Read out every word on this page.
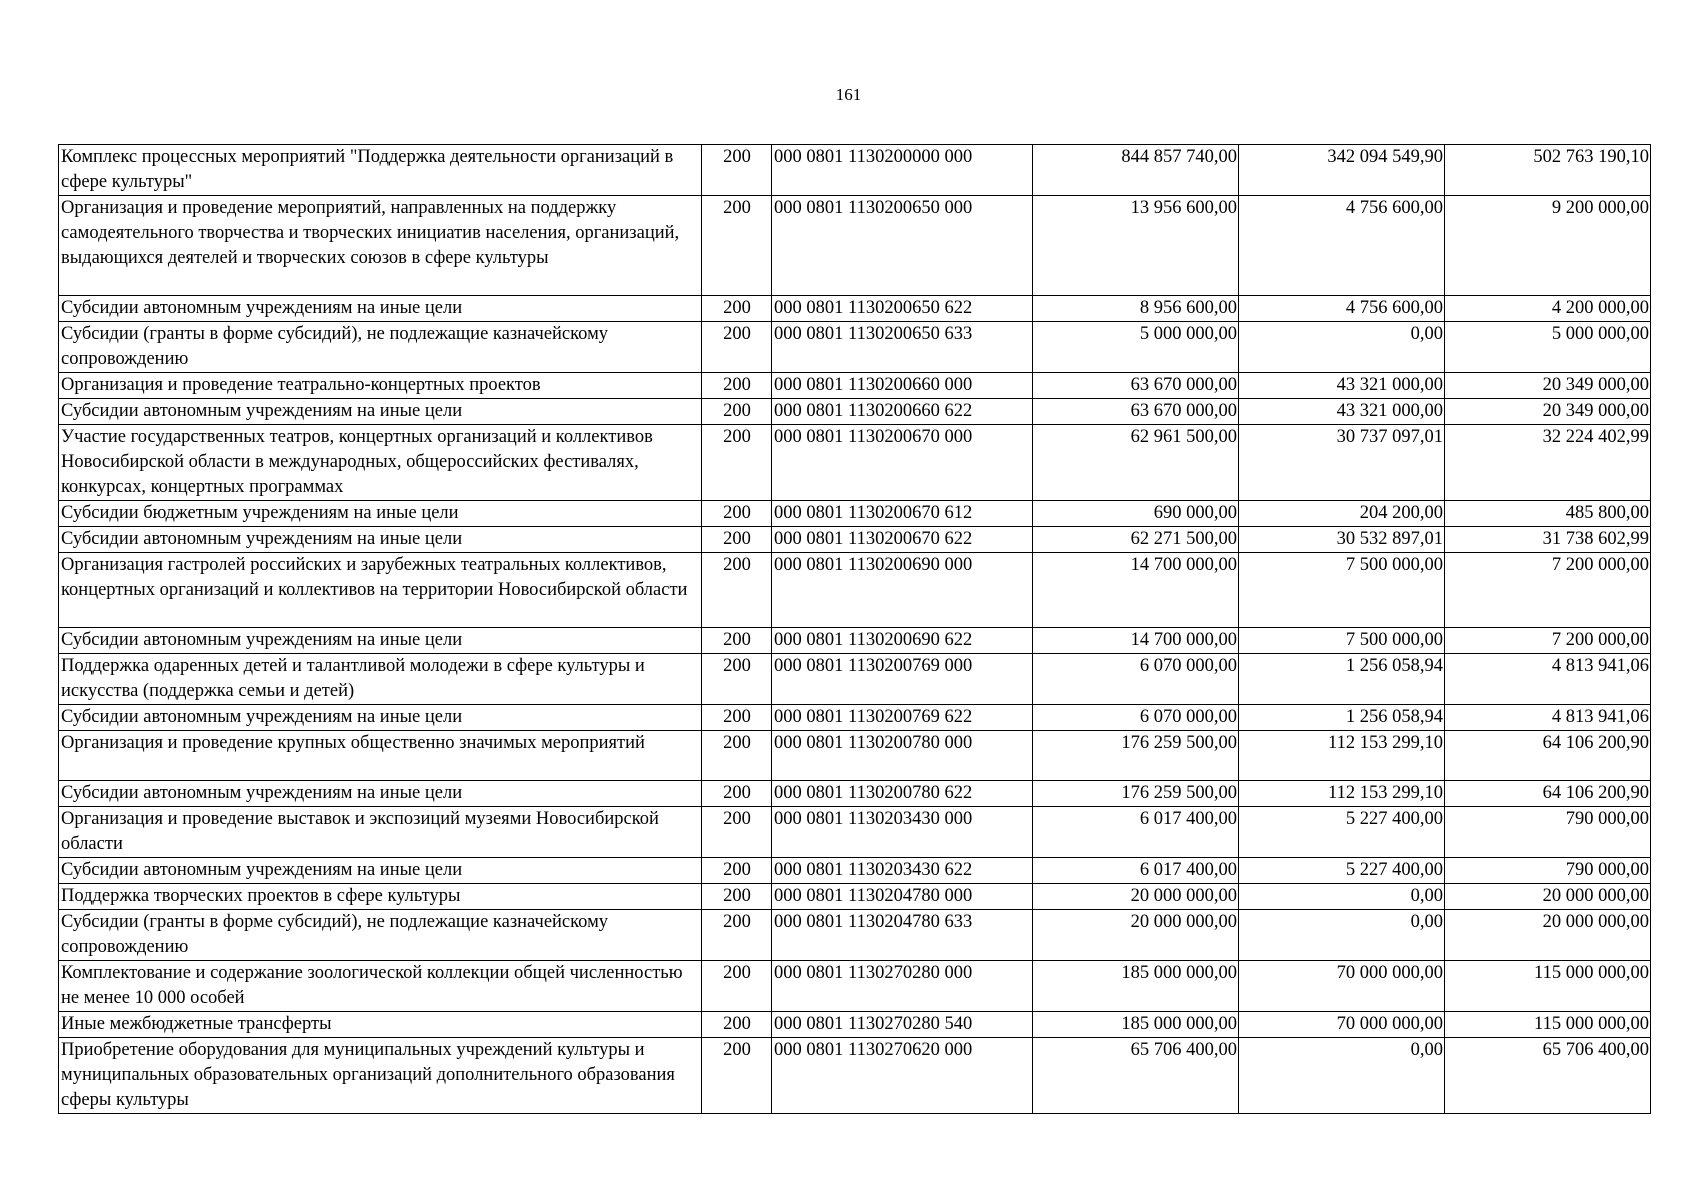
161
Комплекс процессных мероприятий "Поддержка деятельности организаций в сфере культуры"	200	000 0801 1130200000 000	844 857 740,00	342 094 549,90	502 763 190,10
Организация и проведение мероприятий, направленных на поддержку самодеятельного творчества и творческих инициатив населения, организаций, выдающихся деятелей и творческих союзов в сфере культуры	200	000 0801 1130200650 000	13 956 600,00	4 756 600,00	9 200 000,00
Субсидии автономным учреждениям на иные цели	200	000 0801 1130200650 622	8 956 600,00	4 756 600,00	4 200 000,00
Субсидии (гранты в форме субсидий), не подлежащие казначейскому сопровождению	200	000 0801 1130200650 633	5 000 000,00	0,00	5 000 000,00
Организация и проведение театрально-концертных проектов	200	000 0801 1130200660 000	63 670 000,00	43 321 000,00	20 349 000,00
Субсидии автономным учреждениям на иные цели	200	000 0801 1130200660 622	63 670 000,00	43 321 000,00	20 349 000,00
Участие государственных театров, концертных организаций и коллективов Новосибирской области в международных, общероссийских фестивалях, конкурсах, концертных программах	200	000 0801 1130200670 000	62 961 500,00	30 737 097,01	32 224 402,99
Субсидии бюджетным учреждениям на иные цели	200	000 0801 1130200670 612	690 000,00	204 200,00	485 800,00
Субсидии автономным учреждениям на иные цели	200	000 0801 1130200670 622	62 271 500,00	30 532 897,01	31 738 602,99
Организация гастролей российских и зарубежных театральных коллективов, концертных организаций и коллективов на территории Новосибирской области	200	000 0801 1130200690 000	14 700 000,00	7 500 000,00	7 200 000,00
Субсидии автономным учреждениям на иные цели	200	000 0801 1130200690 622	14 700 000,00	7 500 000,00	7 200 000,00
Поддержка одаренных детей и талантливой молодежи в сфере культуры и искусства (поддержка семьи и детей)	200	000 0801 1130200769 000	6 070 000,00	1 256 058,94	4 813 941,06
Субсидии автономным учреждениям на иные цели	200	000 0801 1130200769 622	6 070 000,00	1 256 058,94	4 813 941,06
Организация и проведение крупных общественно значимых мероприятий	200	000 0801 1130200780 000	176 259 500,00	112 153 299,10	64 106 200,90
Субсидии автономным учреждениям на иные цели	200	000 0801 1130200780 622	176 259 500,00	112 153 299,10	64 106 200,90
Организация и проведение выставок и экспозиций музеями Новосибирской области	200	000 0801 1130203430 000	6 017 400,00	5 227 400,00	790 000,00
Субсидии автономным учреждениям на иные цели	200	000 0801 1130203430 622	6 017 400,00	5 227 400,00	790 000,00
Поддержка творческих проектов в сфере культуры	200	000 0801 1130204780 000	20 000 000,00	0,00	20 000 000,00
Субсидии (гранты в форме субсидий), не подлежащие казначейскому сопровождению	200	000 0801 1130204780 633	20 000 000,00	0,00	20 000 000,00
Комплектование и содержание зоологической коллекции общей численностью не менее 10 000 особей	200	000 0801 1130270280 000	185 000 000,00	70 000 000,00	115 000 000,00
Иные межбюджетные трансферты	200	000 0801 1130270280 540	185 000 000,00	70 000 000,00	115 000 000,00
Приобретение оборудования для муниципальных учреждений культуры и муниципальных образовательных организаций дополнительного образования сферы культуры	200	000 0801 1130270620 000	65 706 400,00	0,00	65 706 400,00
